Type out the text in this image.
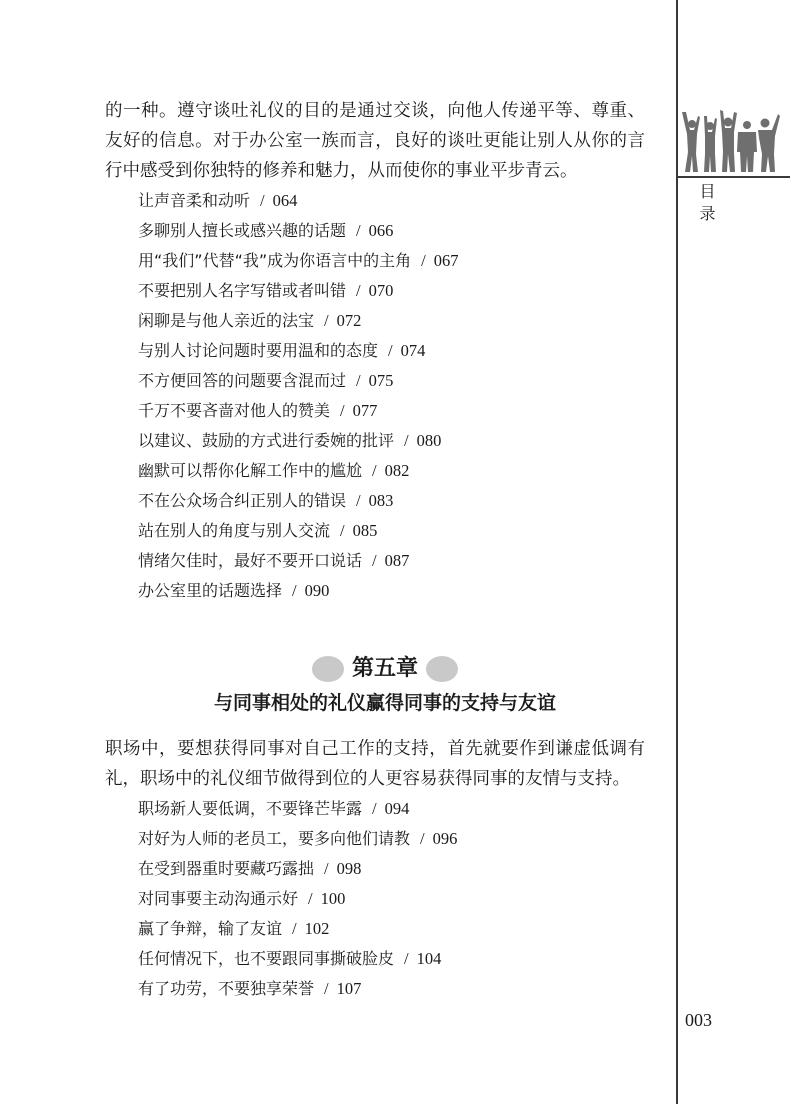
目录
003

的一种。遵守谈吐礼仪的目的是通过交谈，向他人传递平等、尊重、友好的信息。对于办公室一族而言，良好的谈吐更能让别人从你的言行中感受到你独特的修养和魅力，从而使你的事业平步青云。

让声音柔和动听 / 064
多聊别人擅长或感兴趣的话题 / 066
用“我们”代替“我”成为你语言中的主角 / 067
不要把别人名字写错或者叫错 / 070
闲聊是与他人亲近的法宝 / 072
与别人讨论问题时要用温和的态度 / 074
不方便回答的问题要含混而过 / 075
千万不要吝啬对他人的赞美 / 077
以建议、鼓励的方式进行委婉的批评 / 080
幽默可以帮你化解工作中的尴尬 / 082
不在公众场合纠正别人的错误 / 083
站在别人的角度与别人交流 / 085
情绪欠佳时，最好不要开口说话 / 087
办公室里的话题选择 / 090
第五章
与同事相处的礼仪赢得同事的支持与友谊

职场中，要想获得同事对自己工作的支持，首先就要作到谦虚低调有礼，职场中的礼仪细节做得到位的人更容易获得同事的友情与支持。

职场新人要低调，不要锋芒毕露 / 094
对好为人师的老员工，要多向他们请教 / 096
在受到器重时要藏巧露拙 / 098
对同事要主动沟通示好 / 100
赢了争辩，输了友谊 / 102
任何情况下，也不要跟同事撕破脸皮 / 104
有了功劳，不要独享荣誉 / 107
